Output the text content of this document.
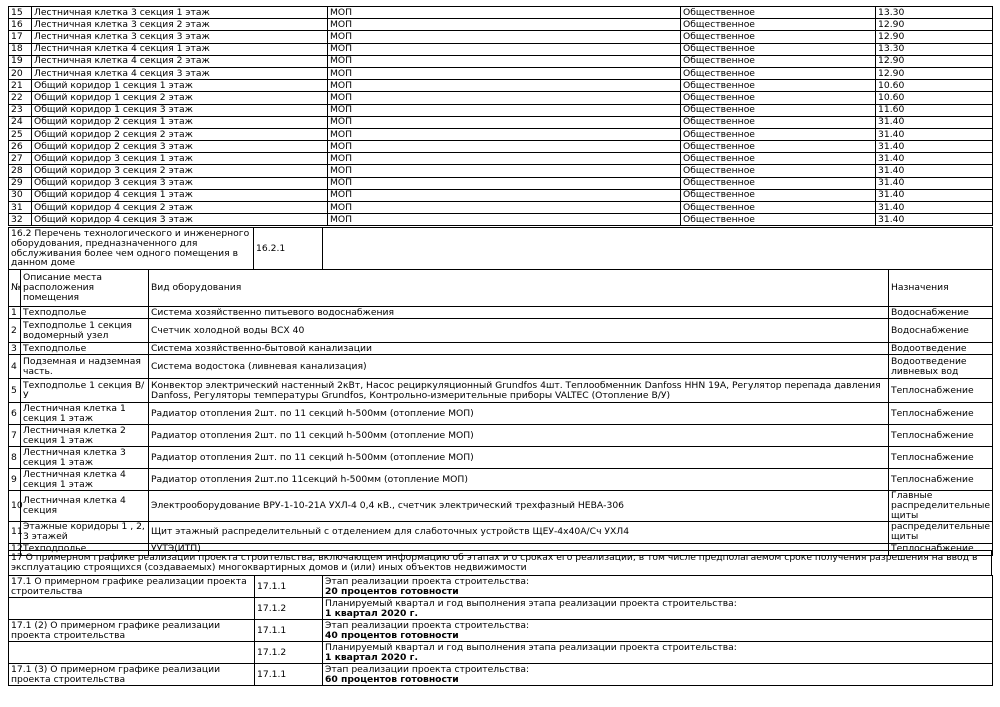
15	Лестничная клетка 3 секция 1 этаж	МОП	Общественное	13.30
16	Лестничная клетка 3 секция 2 этаж	МОП	Общественное	12.90
17	Лестничная клетка 3 секция 3 этаж	МОП	Общественное	12.90
18	Лестничная клетка 4 секция 1 этаж	МОП	Общественное	13.30
19	Лестничная клетка 4 секция 2 этаж	МОП	Общественное	12.90
20	Лестничная клетка 4 секция 3 этаж	МОП	Общественное	12.90
21	Общий коридор 1 секция 1 этаж	МОП	Общественное	10.60
22	Общий коридор 1 секция 2 этаж	МОП	Общественное	10.60
23	Общий коридор 1 секция 3 этаж	МОП	Общественное	11.60
24	Общий коридор 2 секция 1 этаж	МОП	Общественное	31.40
25	Общий коридор 2 секция 2 этаж	МОП	Общественное	31.40
26	Общий коридор 2 секция 3 этаж	МОП	Общественное	31.40
27	Общий коридор 3 секция 1 этаж	МОП	Общественное	31.40
28	Общий коридор 3 секция 2 этаж	МОП	Общественное	31.40
29	Общий коридор 3 секция 3 этаж	МОП	Общественное	31.40
30	Общий коридор 4 секция 1 этаж	МОП	Общественное	31.40
31	Общий коридор 4 секция 2 этаж	МОП	Общественное	31.40
32	Общий коридор 4 секция 3 этаж	МОП	Общественное	31.40
16.2 Перечень технологического и инженерного оборудования, предназначенного для обслуживания более чем одного помещения в данном доме	16.2.1	
№	Описание места расположения помещения	Вид оборудования	Назначения
1	Техподполье	Система хозяйственно питьевого водоснабжения	Водоснабжение
2	Техподполье 1 секция водомерный узел	Счетчик холодной воды ВСХ 40	Водоснабжение
3	Техподполье	Система хозяйственно-бытовой канализации	Водоотведение
4	Подземная и надземная часть.	Система водостока (ливневая канализация)	Водоотведение ливневых вод
5	Техподполье 1 секция В/У	Конвектор электрический настенный 2кВт, Насос рециркуляционный Grundfos 4шт. Теплообменник Danfoss HHN 19A, Регулятор перепада давления Danfoss, Регуляторы температуры Grundfos, Контрольно-измерительные приборы VALTEC (Отопление В/У)	Теплоснабжение
6	Лестничная клетка 1 секция 1 этаж	Радиатор отопления 2шт. по 11 секций h-500мм (отопление МОП)	Теплоснабжение
7	Лестничная клетка 2 секция 1 этаж	Радиатор отопления 2шт. по 11 секций h-500мм (отопление МОП)	Теплоснабжение
8	Лестничная клетка 3 секция 1 этаж	Радиатор отопления 2шт. по 11 секций h-500мм (отопление МОП)	Теплоснабжение
9	Лестничная клетка 4 секция 1 этаж	Радиатор отопления 2шт.по 11секций h-500мм (отопление МОП)	Теплоснабжение
10	Лестничная клетка 4 секция	Электрооборудование ВРУ-1-10-21А УХЛ-4 0,4 кВ., счетчик электрический трехфазный НЕВА-306	Главные распределительные щиты
11	Этажные коридоры 1 , 2, 3 этажей	Щит этажный распределительный с отделением для слаботочных устройств ЩЕУ-4х40А/Сч УХЛ4	распределительные щиты
12	Техподполье	УУТЭ(ИТП)	Теплоснабжение
17 О примерном графике реализации проекта строительства, включающем информацию об этапах и о сроках его реализации, в том числе предполагаемом сроке получения разрешения на ввод в эксплуатацию строящихся (создаваемых) многоквартирных домов и (или) иных объектов недвижимости
17.1 О примерном графике реализации проекта строительства	17.1.1	Этап реализации проекта строительства:
20 процентов готовности

	17.1.2	Планируемый квартал и год выполнения этапа реализации проекта строительства:
1 квартал 2020 г.

17.1 (2) О примерном графике реализации проекта строительства	17.1.1	Этап реализации проекта строительства:
40 процентов готовности

	17.1.2	Планируемый квартал и год выполнения этапа реализации проекта строительства:
1 квартал 2020 г.

17.1 (3) О примерном графике реализации проекта строительства	17.1.1	Этап реализации проекта строительства:
60 процентов готовности
